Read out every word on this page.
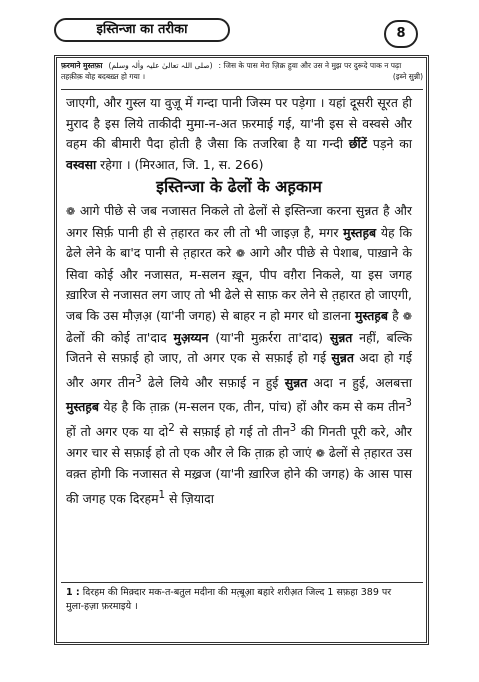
इस्तिन्जा का तरीका	8
फ़रमाने मुस्तफ़ा (صلی اللہ تعالیٰ علیہ واٰلہ وسلم) : जिस के पास मेरा ज़िक्र हुवा और उस ने मुझ पर दुरूदे पाक न पढ़ा
तहक़ीक़ वोह बदबख़्त हो गया ।	(इब्ने सुन्नी)

जाएगी, और गुस्ल या वुज़ू में गन्दा पानी जिस्म पर पड़ेगा । यहां दूसरी सूरत ही मुराद है इस लिये ताकीदी मुमा-न-अत फ़रमाई गई, या'नी इस से वस्वसे और वहम की बीमारी पैदा होती है जैसा कि तजरिबा है या गन्दी छींटें पड़ने का वस्वसा रहेगा । (मिरआत, जि. 1, स. 266)

इस्तिन्जा के ढेलों के अह़काम

❁ आगे पीछे से जब नजासत निकले तो ढेलों से इस्तिन्जा करना सुन्नत है और अगर सिर्फ़ पानी ही से त़हारत कर ली तो भी जाइज़ है, मगर मुस्तह़ब येह कि ढेले लेने के बा'द पानी से त़हारत करे ❁ आगे और पीछे से पेशाब, पाख़ाने के सिवा कोई और नजासत, म-सलन ख़ून, पीप वग़ैरा निकले, या इस जगह ख़ारिज से नजासत लग जाए तो भी ढेले से साफ़ कर लेने से त़हारत हो जाएगी, जब कि उस मौज़अ़ (या'नी जगह) से बाहर न हो मगर धो डालना मुस्तह़ब है ❁ ढेलों की कोई ता'दाद मुअ़य्यन (या'नी मुक़र्ररा ता'दाद) सुन्नत नहीं, बल्कि जितने से सफ़ाई हो जाए, तो अगर एक से सफ़ाई हो गई सुन्नत अदा हो गई और अगर तीन$^3$ ढेले लिये और सफ़ाई न हुई सुन्नत अदा न हुई, अलबत्ता मुस्तह़ब येह है कि त़ाक़ (म-सलन एक, तीन, पांच) हों और कम से कम तीन$^3$ हों तो अगर एक या दो$^2$ से सफ़ाई हो गई तो तीन$^3$ की गिनती पूरी करे, और अगर चार से सफ़ाई हो तो एक और ले कि त़ाक़ हो जाएं ❁ ढेलों से त़हारत उस वक़्त होगी कि नजासत से मख़्रज (या'नी ख़ारिज होने की जगह) के आस पास की जगह एक दिरहम$^1$ से ज़ियादा

1 : दिरहम की मिक़्दार मक-त-बतुल मदीना की मत़्बूआ़ बहारे शरीअ़त जिल्द 1 सफ़हा 389 पर मुला-हज़ा फ़रमाइये ।
